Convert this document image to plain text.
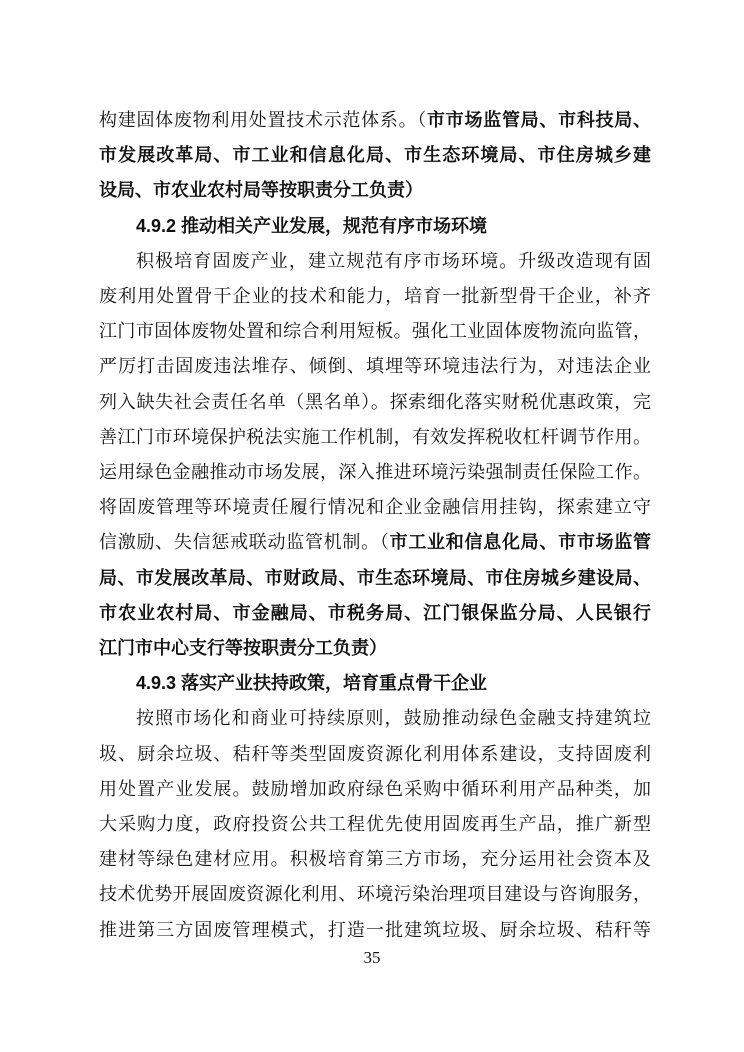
构建固体废物利用处置技术示范体系。（市市场监管局、市科技局、
市发展改革局、市工业和信息化局、市生态环境局、市住房城乡建
设局、市农业农村局等按职责分工负责）
4.9.2 推动相关产业发展，规范有序市场环境
积极培育固废产业，建立规范有序市场环境。升级改造现有固
废利用处置骨干企业的技术和能力，培育一批新型骨干企业，补齐
江门市固体废物处置和综合利用短板。强化工业固体废物流向监管，
严厉打击固废违法堆存、倾倒、填埋等环境违法行为，对违法企业
列入缺失社会责任名单（黑名单）。探索细化落实财税优惠政策，完
善江门市环境保护税法实施工作机制，有效发挥税收杠杆调节作用。
运用绿色金融推动市场发展，深入推进环境污染强制责任保险工作。
将固废管理等环境责任履行情况和企业金融信用挂钩，探索建立守
信激励、失信惩戒联动监管机制。（市工业和信息化局、市市场监管
局、市发展改革局、市财政局、市生态环境局、市住房城乡建设局、
市农业农村局、市金融局、市税务局、江门银保监分局、人民银行
江门市中心支行等按职责分工负责）
4.9.3 落实产业扶持政策，培育重点骨干企业
按照市场化和商业可持续原则，鼓励推动绿色金融支持建筑垃
圾、厨余垃圾、秸秆等类型固废资源化利用体系建设，支持固废利
用处置产业发展。鼓励增加政府绿色采购中循环利用产品种类，加
大采购力度，政府投资公共工程优先使用固废再生产品，推广新型
建材等绿色建材应用。积极培育第三方市场，充分运用社会资本及
技术优势开展固废资源化利用、环境污染治理项目建设与咨询服务，
推进第三方固废管理模式，打造一批建筑垃圾、厨余垃圾、秸秆等
35
